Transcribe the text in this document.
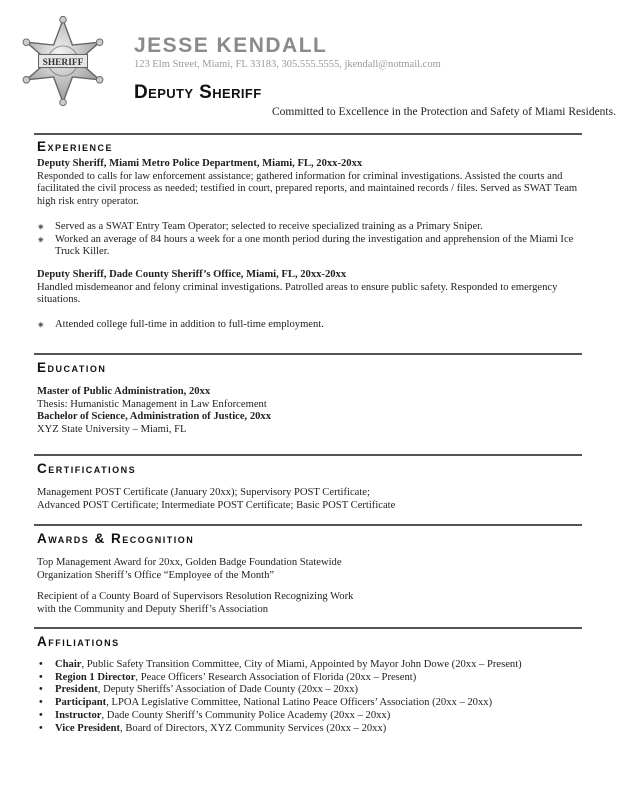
SHERIFF
JESSE KENDALL
123 Elm Street, Miami, FL 33183, 305.555.5555, jkendall@notmail.com
Deputy Sheriff
Committed to Excellence in the Protection and Safety of Miami Residents.
Experience

Deputy Sheriff, Miami Metro Police Department, Miami, FL, 20xx-20xx

Responded to calls for law enforcement assistance; gathered information for criminal investigations. Assisted the courts and facilitated the civil process as needed; testified in court, prepared reports, and maintained records / files. Served as SWAT Team high risk entry operator.

✷ Served as a SWAT Entry Team Operator; selected to receive specialized training as a Primary Sniper.
✷ Worked an average of 84 hours a week for a one month period during the investigation and apprehension of the Miami Ice Truck Killer.

Deputy Sheriff, Dade County Sheriff’s Office, Miami, FL, 20xx-20xx

Handled misdemeanor and felony criminal investigations. Patrolled areas to ensure public safety. Responded to emergency situations.

✷ Attended college full-time in addition to full-time employment.
Education

Master of Public Administration, 20xx

Thesis: Humanistic Management in Law Enforcement

Bachelor of Science, Administration of Justice, 20xx

XYZ State University – Miami, FL

Certifications

Management POST Certificate (January 20xx); Supervisory POST Certificate;

Advanced POST Certificate; Intermediate POST Certificate; Basic POST Certificate

Awards & Recognition

Top Management Award for 20xx, Golden Badge Foundation Statewide

Organization Sheriff’s Office “Employee of the Month”

Recipient of a County Board of Supervisors Resolution Recognizing Work

with the Community and Deputy Sheriff’s Association

Affiliations
• Chair, Public Safety Transition Committee, City of Miami, Appointed by Mayor John Dowe (20xx – Present)
• Region 1 Director, Peace Officers’ Research Association of Florida (20xx – Present)
• President, Deputy Sheriffs’ Association of Dade County (20xx – 20xx)
• Participant, LPOA Legislative Committee, National Latino Peace Officers’ Association (20xx – 20xx)
• Instructor, Dade County Sheriff’s Community Police Academy (20xx – 20xx)
• Vice President, Board of Directors, XYZ Community Services (20xx – 20xx)
